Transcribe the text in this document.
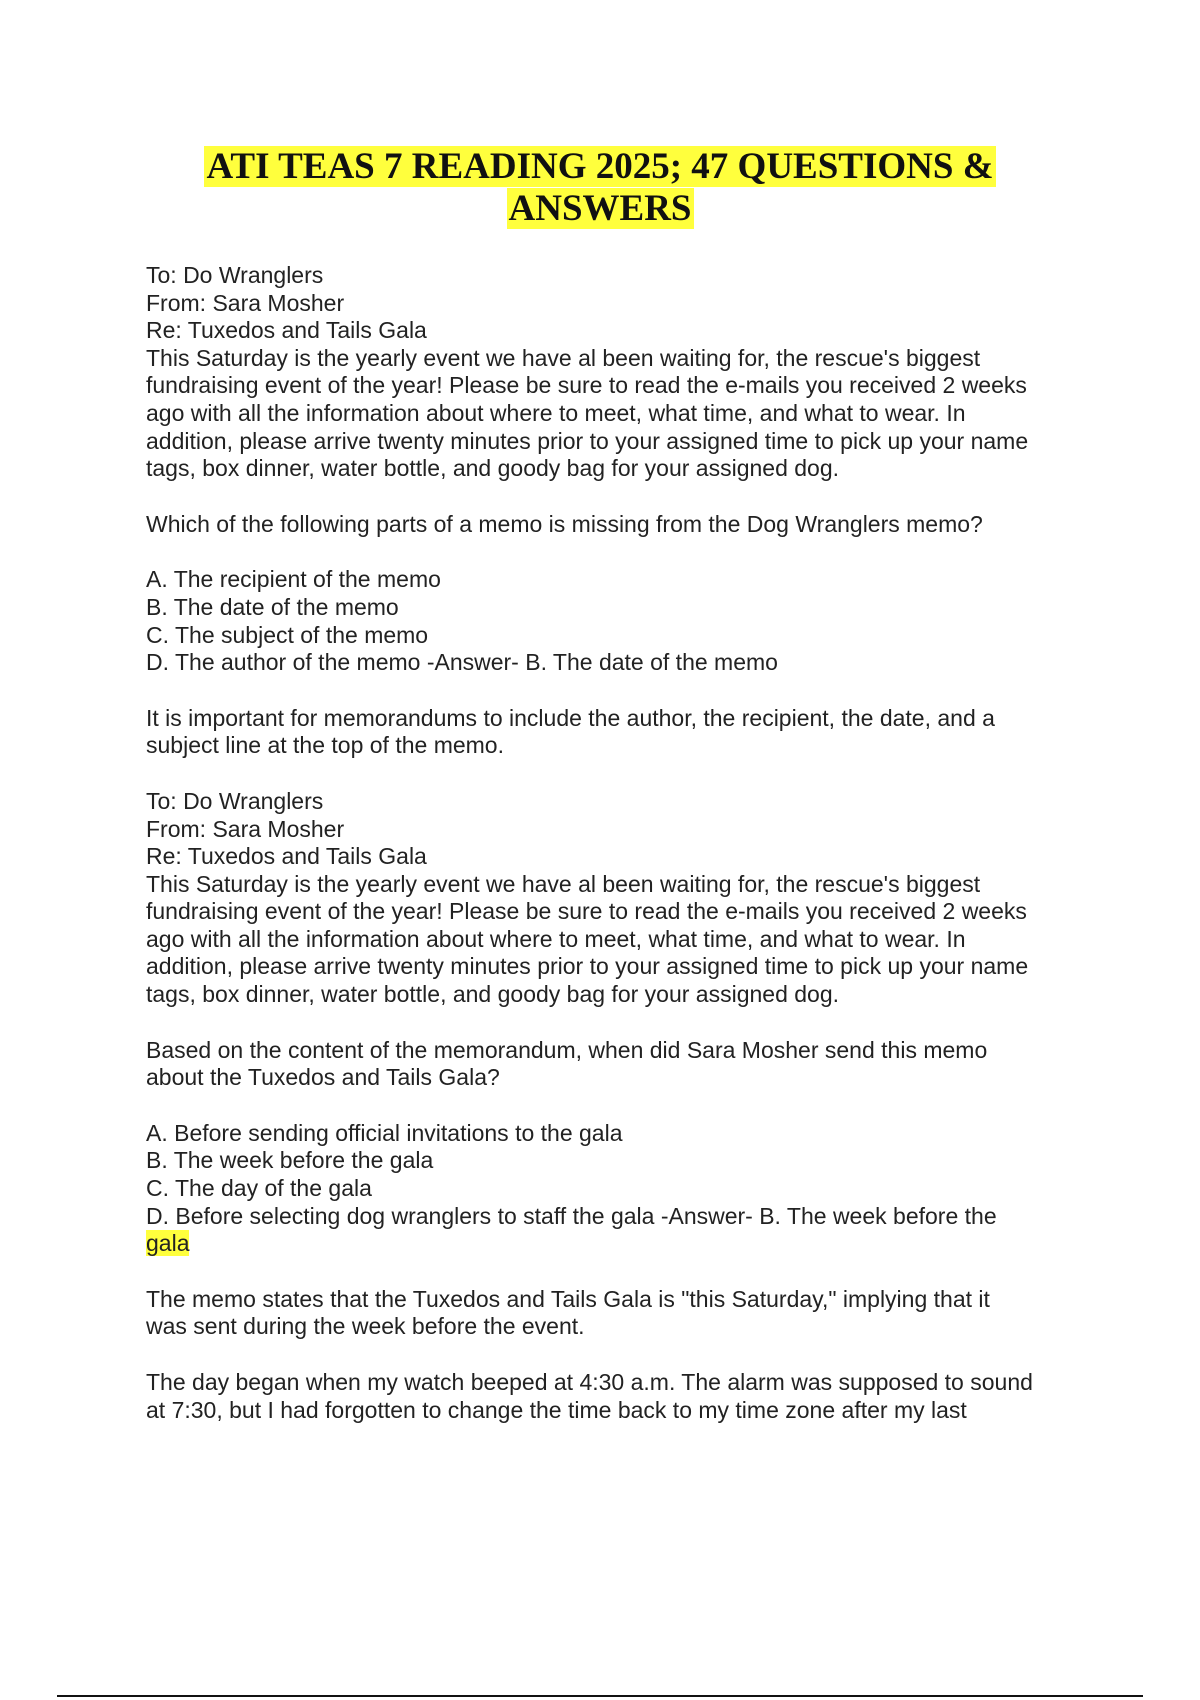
ATI TEAS 7 READING 2025; 47 QUESTIONS &
ANSWERS
To: Do Wranglers
From: Sara Mosher
Re: Tuxedos and Tails Gala
This Saturday is the yearly event we have al been waiting for, the rescue's biggest
fundraising event of the year! Please be sure to read the e-mails you received 2 weeks
ago with all the information about where to meet, what time, and what to wear. In
addition, please arrive twenty minutes prior to your assigned time to pick up your name
tags, box dinner, water bottle, and goody bag for your assigned dog.
Which of the following parts of a memo is missing from the Dog Wranglers memo?
A. The recipient of the memo
B. The date of the memo
C. The subject of the memo
D. The author of the memo -Answer- B. The date of the memo
It is important for memorandums to include the author, the recipient, the date, and a
subject line at the top of the memo.
To: Do Wranglers
From: Sara Mosher
Re: Tuxedos and Tails Gala
This Saturday is the yearly event we have al been waiting for, the rescue's biggest
fundraising event of the year! Please be sure to read the e-mails you received 2 weeks
ago with all the information about where to meet, what time, and what to wear. In
addition, please arrive twenty minutes prior to your assigned time to pick up your name
tags, box dinner, water bottle, and goody bag for your assigned dog.
Based on the content of the memorandum, when did Sara Mosher send this memo
about the Tuxedos and Tails Gala?
A. Before sending official invitations to the gala
B. The week before the gala
C. The day of the gala
D. Before selecting dog wranglers to staff the gala -Answer- B. The week before the
gala
The memo states that the Tuxedos and Tails Gala is "this Saturday," implying that it
was sent during the week before the event.
The day began when my watch beeped at 4:30 a.m. The alarm was supposed to sound
at 7:30, but I had forgotten to change the time back to my time zone after my last
